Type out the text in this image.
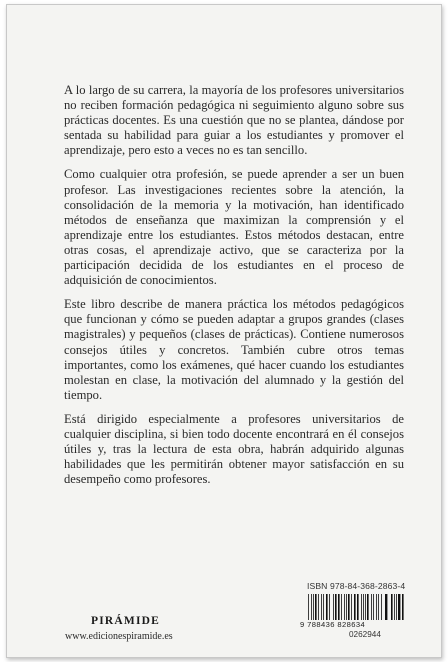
A lo largo de su carrera, la mayoría de los profesores universitarios no reciben formación pedagógica ni seguimiento alguno sobre sus prácticas docentes. Es una cuestión que no se plantea, dándose por sentada su habilidad para guiar a los estudiantes y promover el aprendizaje, pero esto a veces no es tan sencillo.

Como cualquier otra profesión, se puede aprender a ser un buen profesor. Las investigaciones recientes sobre la atención, la consolidación de la memoria y la motivación, han identificado métodos de enseñanza que maximizan la comprensión y el aprendizaje entre los estudiantes. Estos métodos destacan, entre otras cosas, el aprendizaje activo, que se caracteriza por la participación decidida de los estudiantes en el proceso de adquisición de conocimientos.

Este libro describe de manera práctica los métodos pedagógicos que funcionan y cómo se pueden adaptar a grupos grandes (clases magistrales) y pequeños (clases de prácticas). Contiene numerosos consejos útiles y concretos. También cubre otros temas importantes, como los exámenes, qué hacer cuando los estudiantes molestan en clase, la motivación del alumnado y la gestión del tiempo.

Está dirigido especialmente a profesores universitarios de cualquier disciplina, si bien todo docente encontrará en él consejos útiles y, tras la lectura de esta obra, habrán adquirido algunas habilidades que les permitirán obtener mayor satisfacción en su desempeño como profesores.

PIRÁMIDE
www.edicionespiramide.es
ISBN 978-84-368-2863-4
9 788436 828634
0262944
